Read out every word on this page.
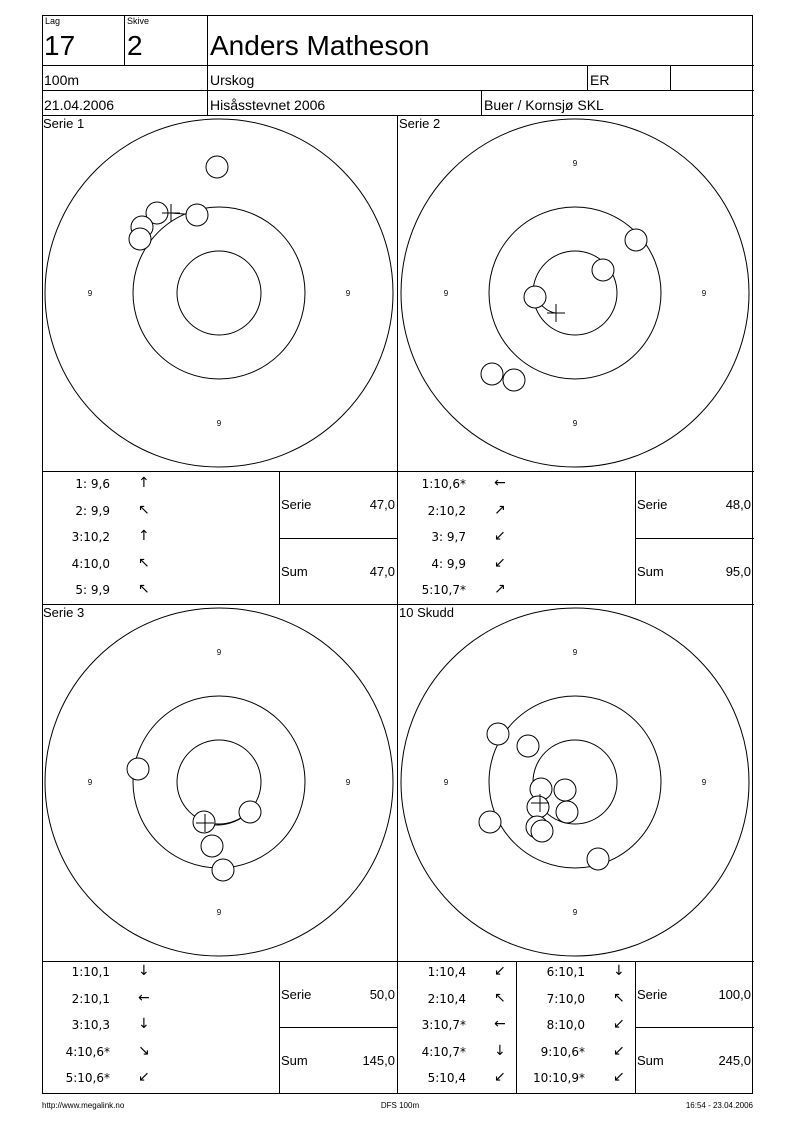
Lag
17
Skive
2 Anders Matheson
100m	Urskog	ER
21.04.2006	Hisåsstevnet 2006	Buer / Kornsjø SKL
Serie 1	Serie 2
Serie 3	10 Skudd
9
9	9
9
9
9	9
9
9
9	9
9
9
9	9
1: 9,6 ↑
2: 9,9 ↖
3:10,2 ↑
4:10,0 ↖
5: 9,9 ↖
1:10,6* ←
2:10,2 ↗
3: 9,7 ↙
4: 9,9 ↙
5:10,7* ↗
1:10,1 ↓
2:10,1 ←
3:10,3 ↓
4:10,6* ↘
5:10,6* ↙
1:10,4 ↙
2:10,4 ↖
3:10,7* ←
4:10,7* ↓
5:10,4 ↙
6:10,1 ↓
7:10,0 ↖
8:10,0 ↙
9:10,6* ↙
10:10,9* ↙
Serie	47,0
Sum	47,0
Serie	48,0
Sum	95,0
Serie	50,0
Sum	145,0
Serie	100,0
Sum	245,0
http://www.megalink.no	DFS 100m	16:54 - 23.04.2006
